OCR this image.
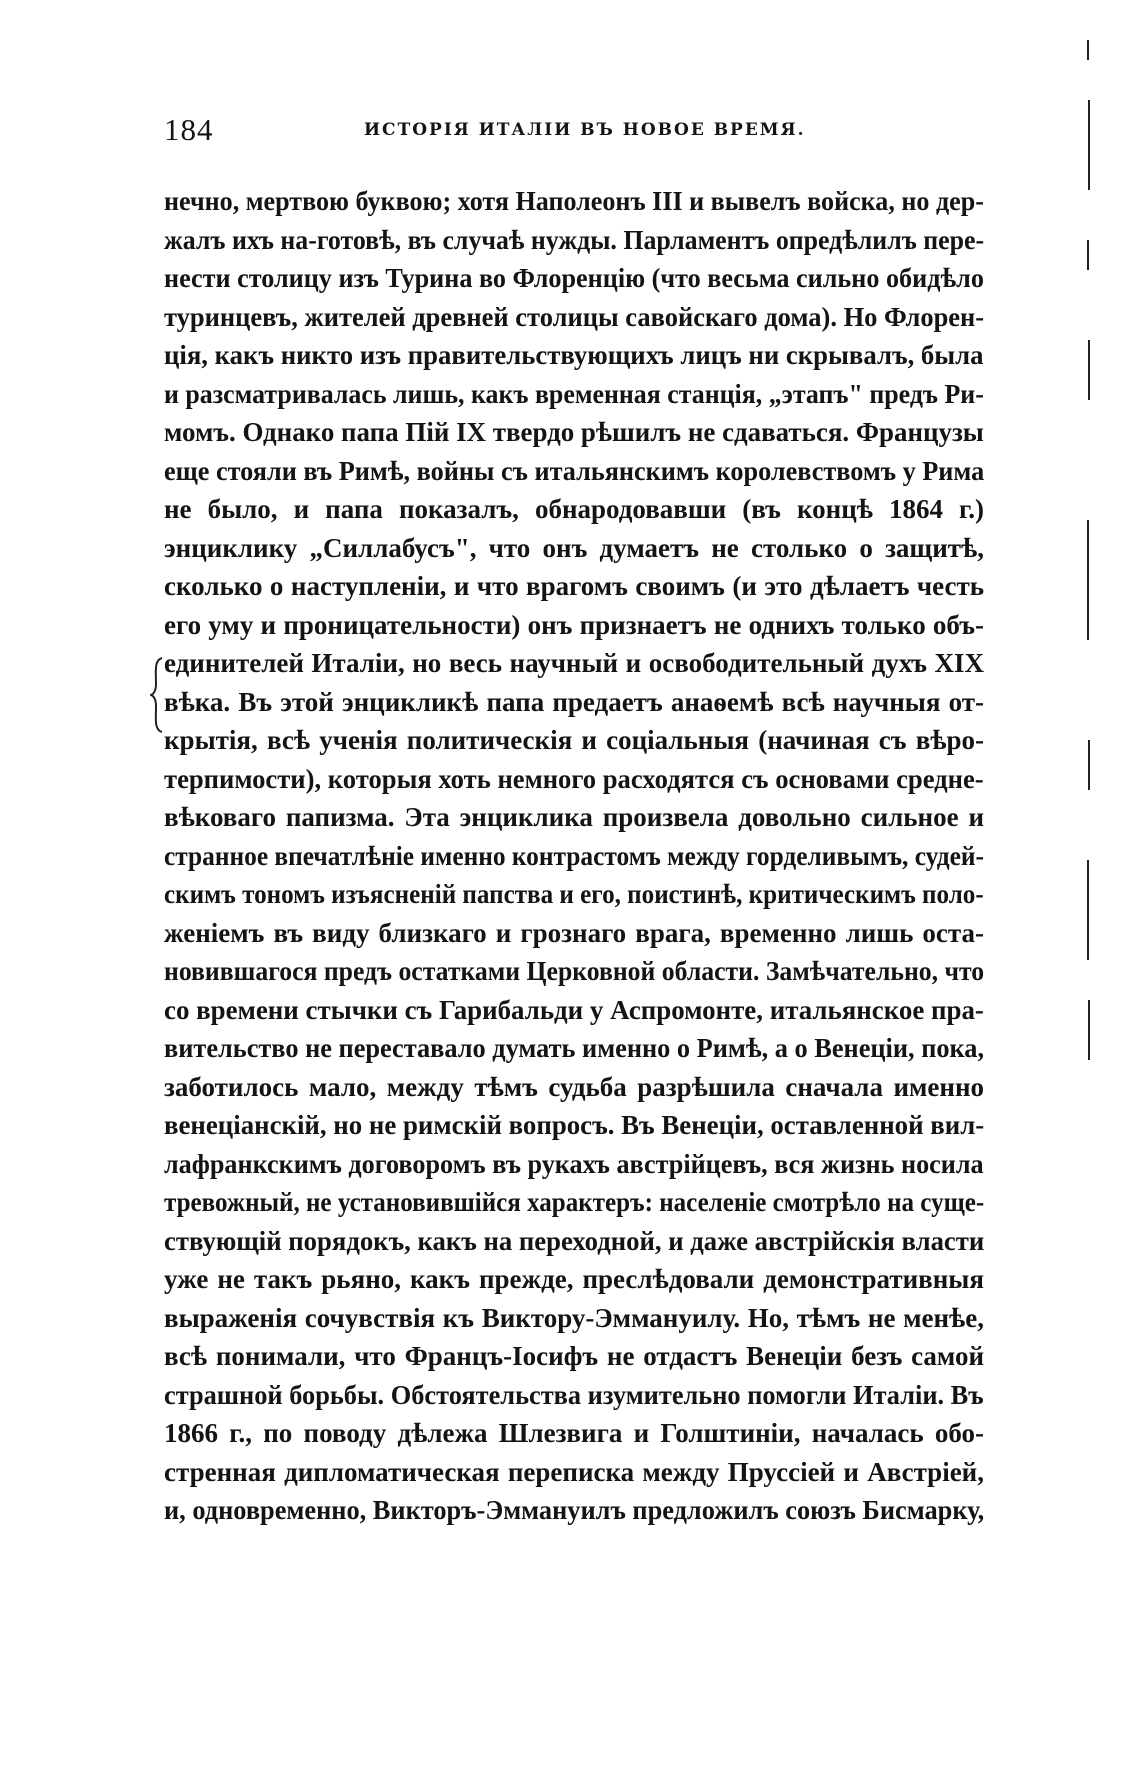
184	ИСТОРІЯ ИТАЛІИ ВЪ НОВОЕ ВРЕМЯ.
нечно, мертвою буквою; хотя Наполеонъ III и вывелъ войска, но дер-
жалъ ихъ на-готовѣ, въ случаѣ нужды. Парламентъ опредѣлилъ пере-
нести столицу изъ Турина во Флоренцію (что весьма сильно обидѣло
туринцевъ, жителей древней столицы савойскаго дома). Но Флорен-
ція, какъ никто изъ правительствующихъ лицъ ни скрывалъ, была
и разсматривалась лишь, какъ временная станція, „этапъ" предъ Ри-
момъ. Однако папа Пій IX твердо рѣшилъ не сдаваться. Французы
еще стояли въ Римѣ, войны съ итальянскимъ королевствомъ у Рима
не было, и папа показалъ, обнародовавши (въ концѣ 1864 г.)
энциклику „Силлабусъ", что онъ думаетъ не столько о защитѣ,
сколько о наступленіи, и что врагомъ своимъ (и это дѣлаетъ честь
его уму и проницательности) онъ признаетъ не однихъ только объ-
единителей Италіи, но весь научный и освободительный духъ XIX
вѣка. Въ этой энцикликѣ папа предаетъ анаѳемѣ всѣ научныя от-
крытія, всѣ ученія политическія и соціальныя (начиная съ вѣро-
терпимости), которыя хоть немного расходятся съ основами средне-
вѣковаго папизма. Эта энциклика произвела довольно сильное и
странное впечатлѣніе именно контрастомъ между горделивымъ, судей-
скимъ тономъ изъясненій папства и его, поистинѣ, критическимъ поло-
женіемъ въ виду близкаго и грознаго врага, временно лишь оста-
новившагося предъ остатками Церковной области. Замѣчательно, что
со времени стычки съ Гарибальди у Аспромонте, итальянское пра-
вительство не переставало думать именно о Римѣ, а о Венеціи, пока,
заботилось мало, между тѣмъ судьба разрѣшила сначала именно
венеціанскій, но не римскій вопросъ. Въ Венеціи, оставленной вил-
лафранкскимъ договоромъ въ рукахъ австрійцевъ, вся жизнь носила
тревожный, не установившійся характеръ: населеніе смотрѣло на суще-
ствующій порядокъ, какъ на переходной, и даже австрійскія власти
уже не такъ рьяно, какъ прежде, преслѣдовали демонстративныя
выраженія сочувствія къ Виктору-Эммануилу. Но, тѣмъ не менѣе,
всѣ понимали, что Францъ-Іосифъ не отдастъ Венеціи безъ самой
страшной борьбы. Обстоятельства изумительно помогли Италіи. Въ
1866 г., по поводу дѣлежа Шлезвига и Голштиніи, началась обо-
стренная дипломатическая переписка между Пруссіей и Австріей,
и, одновременно, Викторъ-Эммануилъ предложилъ союзъ Бисмарку,
